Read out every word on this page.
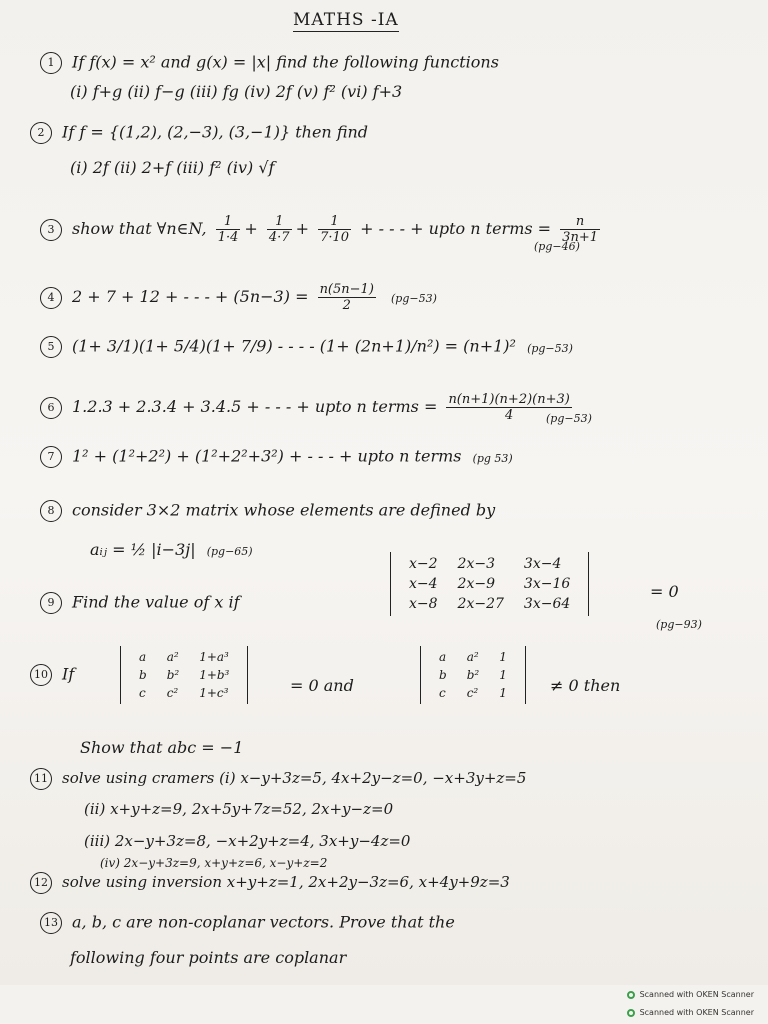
MATHS -IA
1 If f(x) = x² and g(x) = |x| find the following functions
(i) f+g (ii) f−g (iii) fg (iv) 2f (v) f² (vi) f+3
2 If f = {(1,2), (2,−3), (3,−1)} then find
(i) 2f (ii) 2+f (iii) f² (iv) √f
3 show that ∀n∈N, $\frac{1}{1\cdot 4} + \frac{1}{4\cdot 7} + \frac{1}{7\cdot 10}$ + - - - + upto n terms = $\frac{n}{3n+1}$
(pg−46)
4 2 + 7 + 12 + - - - + $(5n-3) = \frac{n(5n-1)}{2} (pg-53)$
5 (1+ 3/1)(1+ 5/4)(1+ 7/9) - - - - (1+ (2n+1)/n²) = (n+1)² (pg−53)
6 1.2.3 + 2.3.4 + 3.4.5 + - - - + upto n terms = $\frac{n(n+1)(n+2)(n+3)}{4}$
(pg−53)
7 1² + (1²+2²) + (1²+2²+3²) + - - - + upto n terms (pg 53)
8 consider 3×2 matrix whose elements are defined by
aᵢⱼ = ½ |i−3j| (pg−65)
9 Find the value of x if
x−2	2x−3	3x−4
x−4	2x−9	3x−16
x−8	2x−27	3x−64
= 0
(pg−93)
10 If
a	a²	1+a³
b	b²	1+b³
c	c²	1+c³	= 0 and
a	a²	1
b	b²	1
c	c²	1	≠ 0 then
Show that abc = −1
11 solve using cramers (i) x−y+3z=5, 4x+2y−z=0, −x+3y+z=5
(ii) x+y+z=9, 2x+5y+7z=52, 2x+y−z=0
(iii) 2x−y+3z=8, −x+2y+z=4, 3x+y−4z=0
(iv) 2x−y+3z=9, x+y+z=6, x−y+z=2
12 solve using inversion x+y+z=1, 2x+2y−3z=6, x+4y+9z=3
13 a, b, c are non-coplanar vectors. Prove that the
following four points are coplanar
Scanned with OKEN Scanner
Scanned with OKEN Scanner
